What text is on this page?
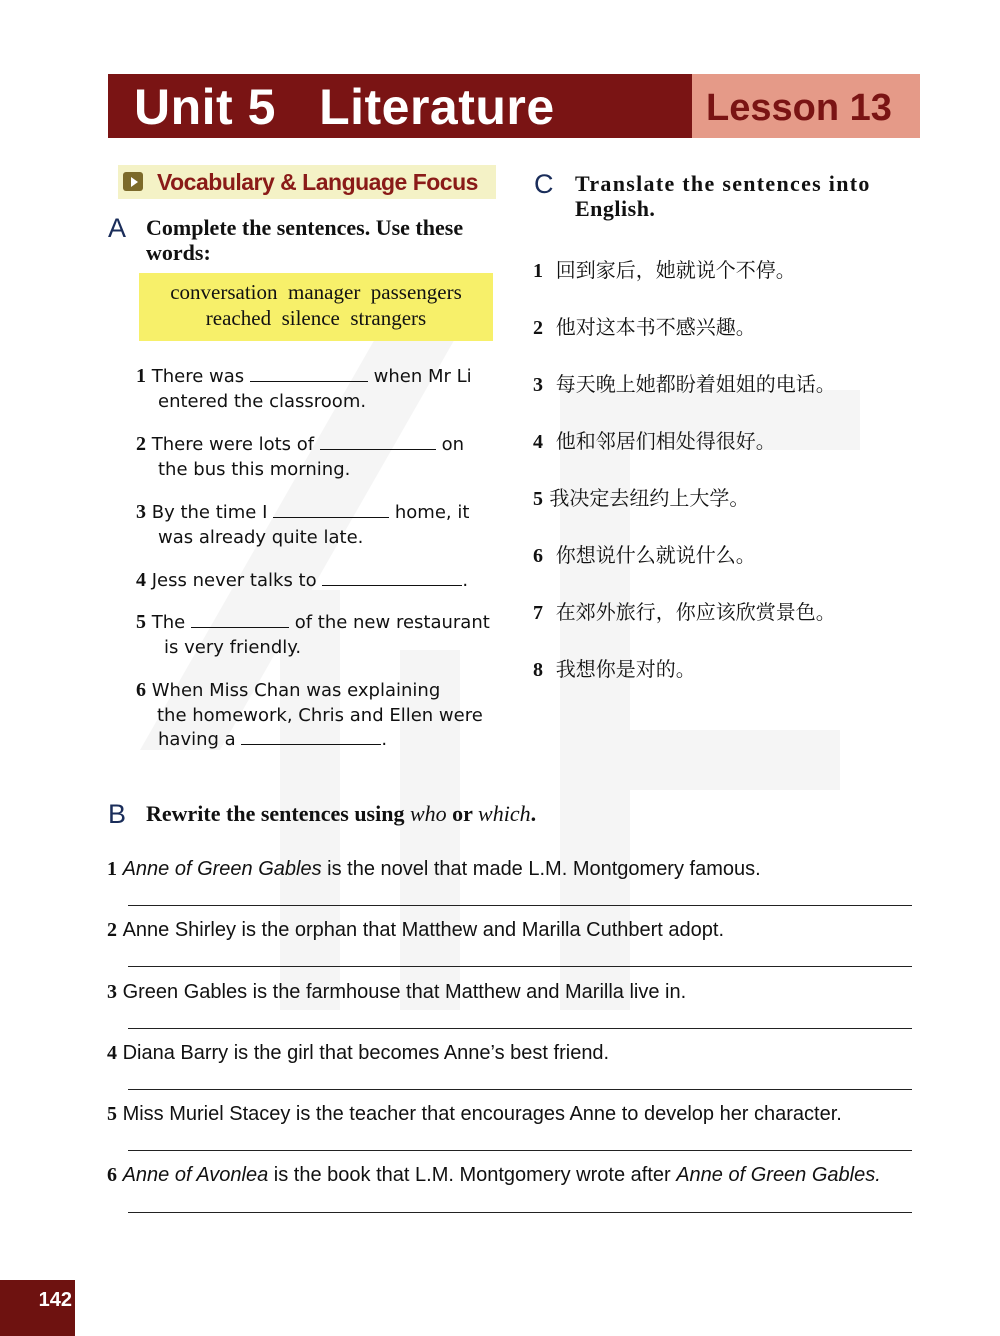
Unit 5   Literature	Lesson 13
Vocabulary & Language Focus
A Complete the sentences. Use these
words:
conversation  manager  passengers
reached  silence  strangers
1 There was	when Mr Li
entered the classroom.
2 There were lots of	on
the bus this morning.
3 By the time I	home, it
was already quite late.
4 Jess never talks to	.
5 The	of the new restaurant
is very friendly.
6 When Miss Chan was explaining
the homework, Chris and Ellen were
having a	.
C Translate the sentences into
English.
1 回到家后，她就说个不停。
2 他对这本书不感兴趣。
3 每天晚上她都盼着姐姐的电话。
4 他和邻居们相处得很好。
5 我决定去纽约上大学。
6 你想说什么就说什么。
7 在郊外旅行，你应该欣赏景色。
8 我想你是对的。
B Rewrite the sentences using who or which.
1 Anne of Green Gables is the novel that made L.M. Montgomery famous.
2 Anne Shirley is the orphan that Matthew and Marilla Cuthbert adopt.
3 Green Gables is the farmhouse that Matthew and Marilla live in.
4 Diana Barry is the girl that becomes Anne’s best friend.
5 Miss Muriel Stacey is the teacher that encourages Anne to develop her character.
6 Anne of Avonlea is the book that L.M. Montgomery wrote after Anne of Green Gables.
142
